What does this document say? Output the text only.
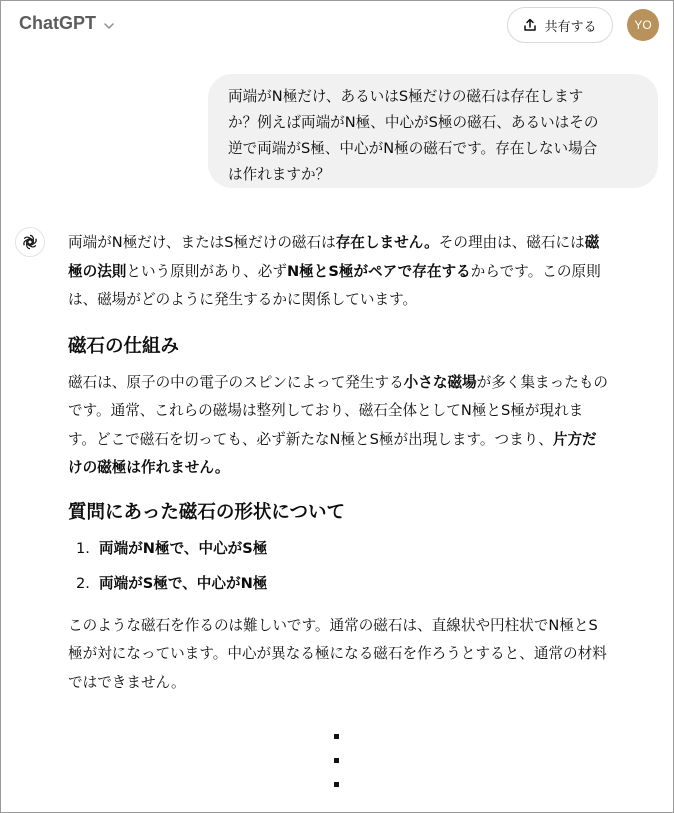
ChatGPT	共有する	YO
両端がN極だけ、あるいはS極だけの磁石は存在します
か？例えば両端がN極、中心がS極の磁石、あるいはその
逆で両端がS極、中心がN極の磁石です。存在しない場合
は作れますか？

両端がN極だけ、またはS極だけの磁石は存在しません。その理由は、磁石には磁
極の法則という原則があり、必ずN極とS極がペアで存在するからです。この原則
は、磁場がどのように発生するかに関係しています。

磁石の仕組み

磁石は、原子の中の電子のスピンによって発生する小さな磁場が多く集まったもの
です。通常、これらの磁場は整列しており、磁石全体としてN極とS極が現れま
す。どこで磁石を切っても、必ず新たなN極とS極が出現します。つまり、片方だ
けの磁極は作れません。

質問にあった磁石の形状について
1. 両端がN極で、中心がS極
2. 両端がS極で、中心がN極

このような磁石を作るのは難しいです。通常の磁石は、直線状や円柱状でN極とS
極が対になっています。中心が異なる極になる磁石を作ろうとすると、通常の材料
ではできません。
